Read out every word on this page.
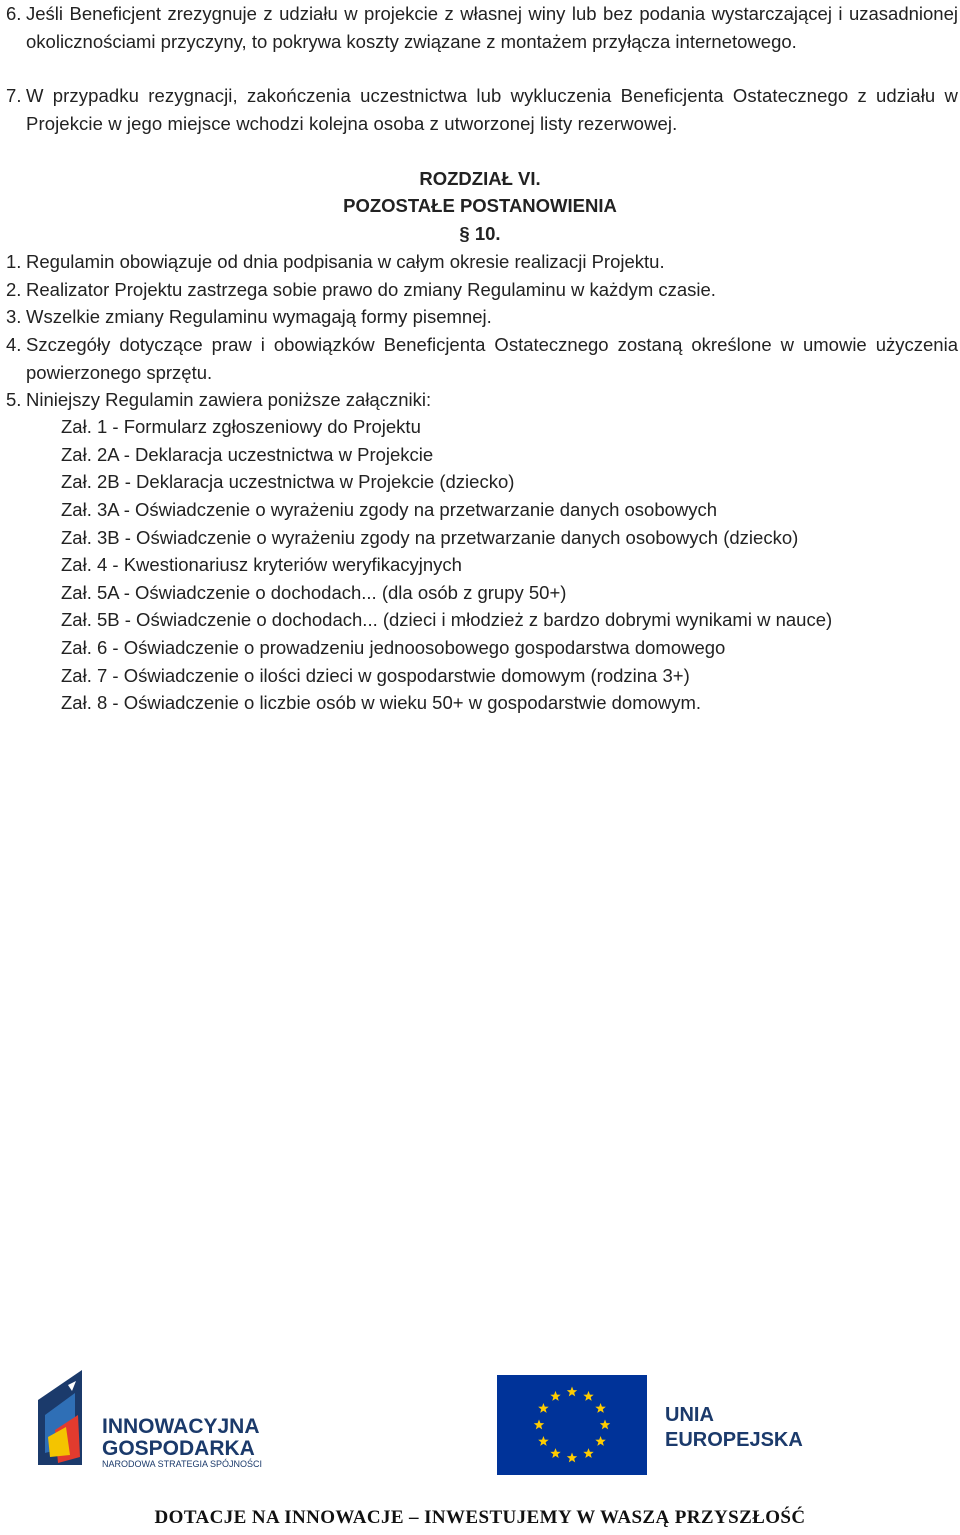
6. Jeśli Beneficjent zrezygnuje z udziału w projekcie z własnej winy lub bez podania wystarczającej i uzasadnionej okolicznościami przyczyny, to pokrywa koszty związane z montażem przyłącza internetowego.
7. W przypadku rezygnacji, zakończenia uczestnictwa lub wykluczenia Beneficjenta Ostatecznego z udziału w Projekcie w jego miejsce wchodzi kolejna osoba z utworzonej listy rezerwowej.
ROZDZIAŁ VI.
POZOSTAŁE POSTANOWIENIA
§ 10.
1. Regulamin obowiązuje od dnia podpisania w całym okresie realizacji Projektu.
2. Realizator Projektu zastrzega sobie prawo do zmiany Regulaminu w każdym czasie.
3. Wszelkie zmiany Regulaminu wymagają formy pisemnej.
4. Szczegóły dotyczące praw i obowiązków Beneficjenta Ostatecznego zostaną określone w umowie użyczenia powierzonego sprzętu.
5. Niniejszy Regulamin zawiera poniższe załączniki:
Zał. 1 - Formularz zgłoszeniowy do Projektu
Zał. 2A - Deklaracja uczestnictwa w Projekcie
Zał. 2B - Deklaracja uczestnictwa w Projekcie (dziecko)
Zał. 3A - Oświadczenie o wyrażeniu zgody na przetwarzanie danych osobowych
Zał. 3B - Oświadczenie o wyrażeniu zgody na przetwarzanie danych osobowych (dziecko)
Zał. 4 - Kwestionariusz kryteriów weryfikacyjnych
Zał. 5A - Oświadczenie o dochodach... (dla osób z grupy 50+)
Zał. 5B - Oświadczenie o dochodach... (dzieci i młodzież z bardzo dobrymi wynikami w nauce)
Zał. 6 - Oświadczenie o prowadzeniu jednoosobowego gospodarstwa domowego
Zał. 7 - Oświadczenie o ilości dzieci w gospodarstwie domowym (rodzina 3+)
Zał. 8 - Oświadczenie o liczbie osób w wieku 50+ w gospodarstwie domowym.
INNOWACYJNA
GOSPODARKA
NARODOWA STRATEGIA SPÓJNOŚCI
UNIA
EUROPEJSKA
DOTACJE NA INNOWACJE – INWESTUJEMY W WASZĄ PRZYSZŁOŚĆ
